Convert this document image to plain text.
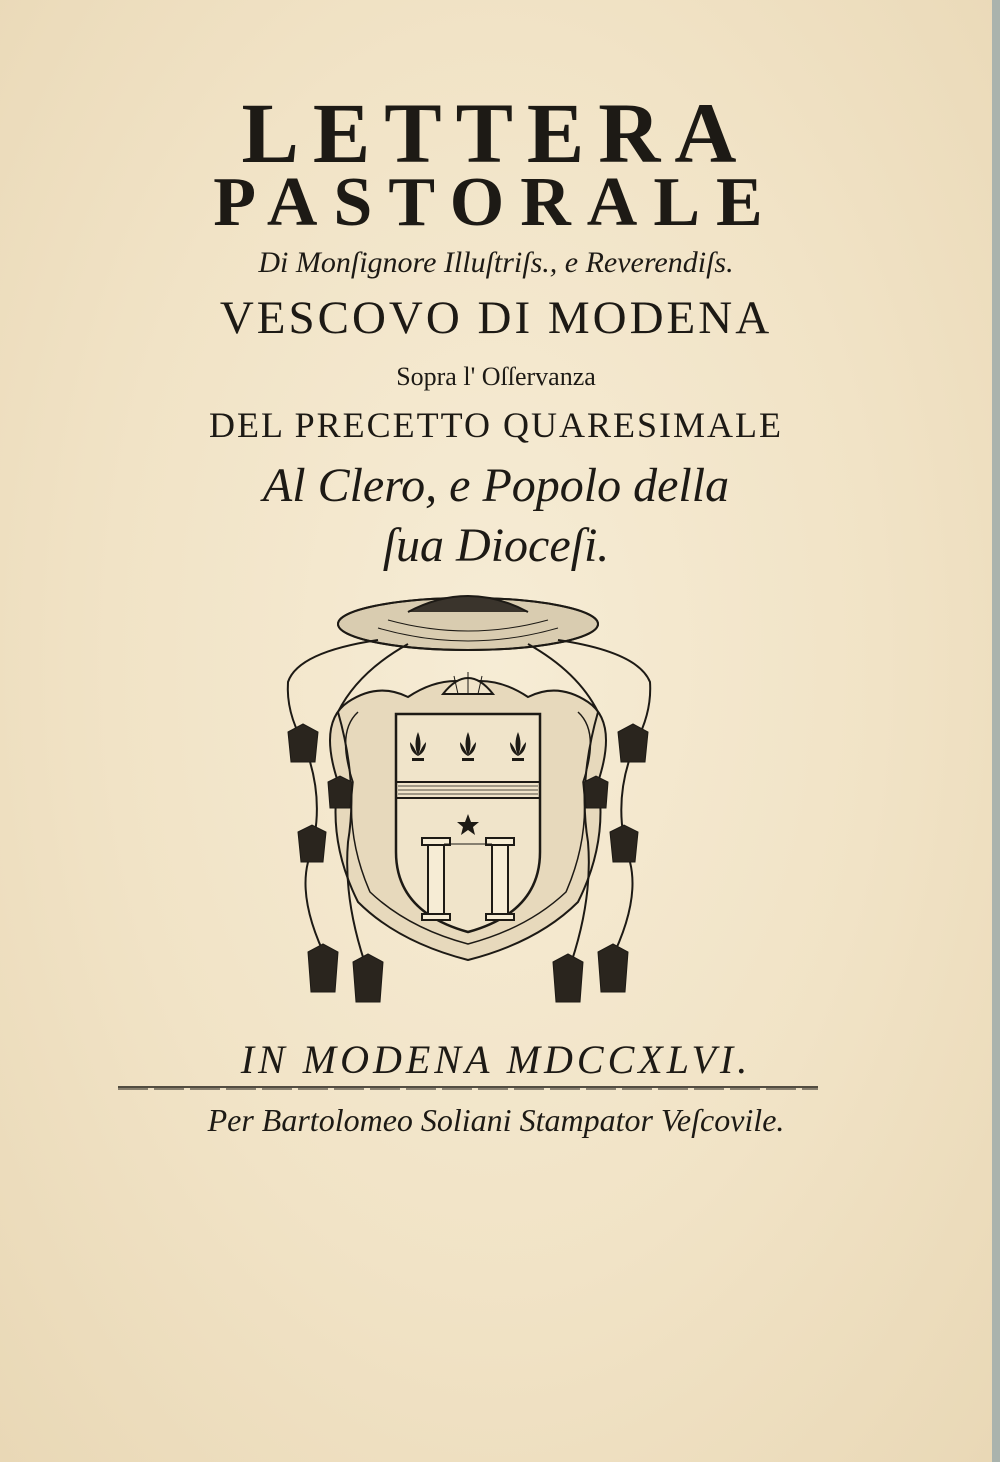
LETTERA
PASTORALE

Di Monſignore Illuſtriſs., e Reverendiſs.

VESCOVO DI MODENA

Sopra l' Oſſervanza

DEL PRECETTO QUARESIMALE

Al Clero, e Popolo della

ſua Dioceſi.

IN MODENA MDCCXLVI.

Per Bartolomeo Soliani Stampator Veſcovile.
